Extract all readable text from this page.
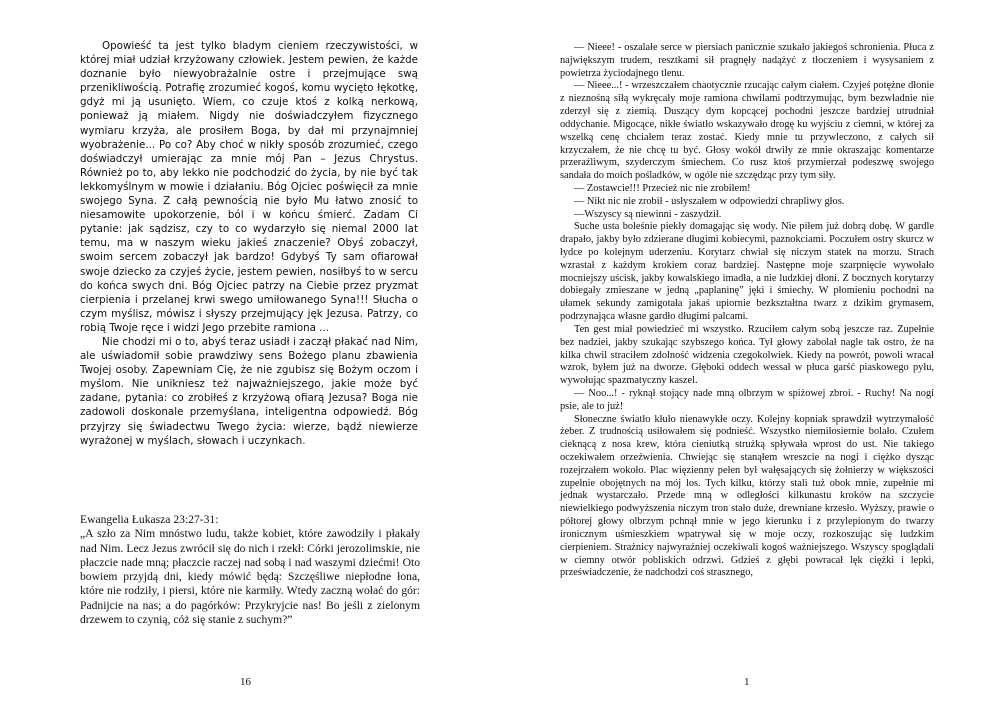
Opowieść ta jest tylko bladym cieniem rzeczywistości, w której miał udział krzyżowany człowiek. Jestem pewien, że każde doznanie było niewyobrażalnie ostre i przejmujące swą przenikliwością. Potrafię zrozumieć kogoś, komu wycięto łękotkę, gdyż mi ją usunięto. Wiem, co czuje ktoś z kolką nerkową, ponieważ ją miałem. Nigdy nie doświadczyłem fizycznego wymiaru krzyża, ale prosiłem Boga, by dał mi przynajmniej wyobrażenie... Po co? Aby choć w nikły sposób zrozumieć, czego doświadczył umierając za mnie mój Pan – Jezus Chrystus. Również po to, aby lekko nie podchodzić do życia, by nie być tak lekkomyślnym w mowie i działaniu. Bóg Ojciec poświęcił za mnie swojego Syna. Z całą pewnością nie było Mu łatwo znosić to niesamowite upokorzenie, ból i w końcu śmierć. Zadam Ci pytanie: jak sądzisz, czy to co wydarzyło się niemal 2000 lat temu, ma w naszym wieku jakieś znaczenie? Obyś zobaczył, swoim sercem zobaczył jak bardzo! Gdybyś Ty sam ofiarował swoje dziecko za czyjeś życie, jestem pewien, nosiłbyś to w sercu do końca swych dni. Bóg Ojciec patrzy na Ciebie przez pryzmat cierpienia i przelanej krwi swego umiłowanego Syna!!! Słucha o czym myślisz, mówisz i słyszy przejmujący jęk Jezusa. Patrzy, co robią Twoje ręce i widzi Jego przebite ramiona ...

Nie chodzi mi o to, abyś teraz usiadł i zaczął płakać nad Nim, ale uświadomił sobie prawdziwy sens Bożego planu zbawienia Twojej osoby. Zapewniam Cię, że nie zgubisz się Bożym oczom i myślom. Nie unikniesz też najważniejszego, jakie może być zadane, pytania: co zrobiłeś z krzyżową ofiarą Jezusa? Boga nie zadowoli doskonale przemyślana, inteligentna odpowiedź. Bóg przyjrzy się świadectwu Twego życia: wierze, bądź niewierze wyrażonej w myślach, słowach i uczynkach.

Ewangelia Łukasza 23:27-31:

„A szło za Nim mnóstwo ludu, także kobiet, które zawodziły i płakały nad Nim. Lecz Jezus zwrócił się do nich i rzekł: Córki jerozolimskie, nie płaczcie nade mną; płaczcie raczej nad sobą i nad waszymi dziećmi! Oto bowiem przyjdą dni, kiedy mówić będą: Szczęśliwe niepłodne łona, które nie rodziły, i piersi, które nie karmiły. Wtedy zaczną wołać do gór: Padnijcie na nas; a do pagórków: Przykryjcie nas! Bo jeśli z zielonym drzewem to czynią, cóż się stanie z suchym?”

16

— Nieee! - oszalałe serce w piersiach panicznie szukało jakiegoś schronienia. Płuca z największym trudem, resztkami sił pragnęły nadążyć z tłoczeniem i wysysaniem z powietrza życiodajnego tlenu.

— Nieee...! - wrzeszczałem chaotycznie rzucając całym ciałem. Czyjeś potężne dłonie z nieznośną siłą wykręcały moje ramiona chwilami podtrzymując, bym bezwładnie nie zderzył się z ziemią. Duszący dym kopcącej pochodni jeszcze bardziej utrudniał oddychanie. Migocące, nikłe światło wskazywało drogę ku wyjściu z ciemni, w której za wszelką cenę chciałem teraz zostać. Kiedy mnie tu przywleczono, z całych sił krzyczałem, że nie chcę tu być. Głosy wokół drwiły ze mnie okraszając komentarze przeraźliwym, szyderczym śmiechem. Co rusz ktoś przymierzał podeszwę swojego sandała do moich pośladków, w ogóle nie szczędząc przy tym siły.

— Zostawcie!!! Przecież nic nie zrobiłem!

— Nikt nic nie zrobił - usłyszałem w odpowiedzi chrapliwy głos.

—Wszyscy są niewinni - zaszydził.

Suche usta boleśnie piekły domagając się wody. Nie piłem już dobrą dobę. W gardle drapało, jakby było zdzierane długimi kobiecymi, paznokciami. Poczułem ostry skurcz w łydce po kolejnym uderzeniu. Korytarz chwiał się niczym statek na morzu. Strach wzrastał z każdym krokiem coraz bardziej. Następne moje szarpnięcie wywołało mocniejszy uścisk, jakby kowalskiego imadła, a nie ludzkiej dłoni. Z bocznych korytarzy dobiegały zmieszane w jedną „paplaninę” jęki i śmiechy. W płomieniu pochodni na ułamek sekundy zamigotała jakaś upiornie bezkształtna twarz z dzikim grymasem, podrzynająca własne gardło długimi palcami.

Ten gest miał powiedzieć mi wszystko. Rzuciłem całym sobą jeszcze raz. Zupełnie bez nadziei, jakby szukając szybszego końca. Tył głowy zabolał nagle tak ostro, że na kilka chwil straciłem zdolność widzenia czegokolwiek. Kiedy na powrót, powoli wracał wzrok, byłem już na dworze. Głęboki oddech wessał w płuca garść piaskowego pyłu, wywołując spazmatyczny kaszel.

— Noo...! - ryknął stojący nade mną olbrzym w spiżowej zbroi. - Ruchy! Na nogi psie, ale to już!

Słoneczne światło kłuło nienawykłe oczy. Kolejny kopniak sprawdził wytrzymałość żeber. Z trudnością usiłowałem się podnieść. Wszystko niemiłosiernie bolało. Czułem cieknącą z nosa krew, która cieniutką strużką spływała wprost do ust. Nie takiego oczekiwałem orzeźwienia. Chwiejąc się stanąłem wreszcie na nogi i ciężko dysząc rozejrzałem wokoło. Plac więzienny pełen był wałęsających się żołnierzy w większości zupełnie obojętnych na mój los. Tych kilku, którzy stali tuż obok mnie, zupełnie mi jednak wystarczało. Przede mną w odległości kilkunastu kroków na szczycie niewielkiego podwyższenia niczym tron stało duże, drewniane krzesło. Wyższy, prawie o półtorej głowy olbrzym pchnął mnie w jego kierunku i z przylepionym do twarzy ironicznym uśmieszkiem wpatrywał się w moje oczy, rozkoszując się ludzkim cierpieniem. Strażnicy najwyraźniej oczekiwali kogoś ważniejszego. Wszyscy spoglądali w ciemny otwór pobliskich odrzwi. Gdzieś z głębi powracał lęk ciężki i lepki, przeświadczenie, że nadchodzi coś strasznego,

1
